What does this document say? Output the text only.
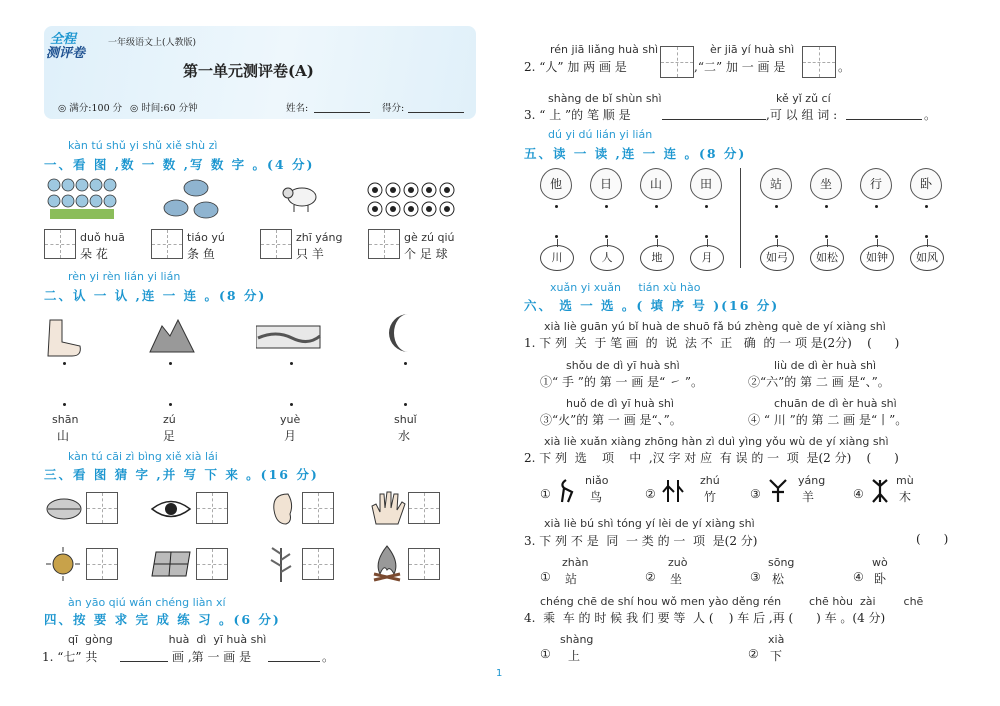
全程
测评卷
一年级语文上(人教版)
第一单元测评卷(A)
◎ 满分:100 分 ◎ 时间:60 分钟	姓名:	得分:
kàn tú shǔ yi shǔ xiě shù zì
一、看 图 ,数 一 数 ,写 数 字 。(4 分)
duǒ huā
朵 花
tiáo yú
条 鱼
zhī yáng
只 羊
gè zú qiú
个 足 球
rèn yi rèn lián yi lián
二、认 一 认 ,连 一 连 。(8 分)
shān
山
zú
足
yuè
月
shuǐ
水
kàn tú cāi zì bìng xiě xià lái
三、看 图 猜 字 ,并 写 下 来 。(16 分)
àn yāo qiú wán chéng liàn xí
四、按 要 求 完 成 练 习 。(6 分)
qī  gòng                huà  dì  yī huà shì
1. “七” 共	画 ,第 一 画 是	。
rén jiā liǎng huà shì
2. “人” 加 两 画 是
èr jiā yí huà shì
,“二” 加 一 画 是	。
shàng de bǐ shùn shì
3. “ 上 ”的 笔 顺 是
kě yǐ zǔ cí
,可 以 组 词 :	。
dú yi dú lián yi lián
五、读 一 读 ,连 一 连 。(8 分)
他	日	山	田	站	坐	行	卧
川	人	地	月	如弓	如松	如钟	如风
xuǎn yi xuǎn     tián xù hào
六、 选 一 选 。( 填 序 号 )(16 分)
xià liè guān yú bǐ huà de shuō fǎ bú zhèng què de yí xiàng shì
1. 下 列  关  于 笔 画  的  说  法 不  正   确  的 一 项 是(2分)    (      )
shǒu de dì yī huà shì
①“ 手 ”的 第 一 画 是“ ㇀ ”。
liù de dì èr huà shì
②“六”的 第 二 画 是“、”。
huǒ de dì yī huà shì
③“火”的 第 一 画 是“、”。
chuān de dì èr huà shì
④ “ 川 ”的 第 二 画 是“丨”。
xià liè xuǎn xiàng zhōng hàn zì duì yìng yǒu wù de yí xiàng shì
2. 下 列  选    项    中  ,汉 字 对 应  有 误 的 一  项  是(2 分)    (      )
①
niǎo
鸟	②
zhú
竹	③
yáng
羊	④
mù
木
xià liè bú shì tóng yí lèi de yí xiàng shì
3. 下 列 不 是  同  一 类 的 一  项  是(2 分)	(      )
①
zhàn
站	②
zuò
坐	③
sōng
松	④
wò
卧
chéng chē de shí hou wǒ men yào děng rén        chē hòu  zài        chē
4.  乘  车 的 时 候 我 们 要 等  人 (    ) 车 后 ,再 (      ) 车 。(4 分)
①
shàng
上	②
xià
下
1
